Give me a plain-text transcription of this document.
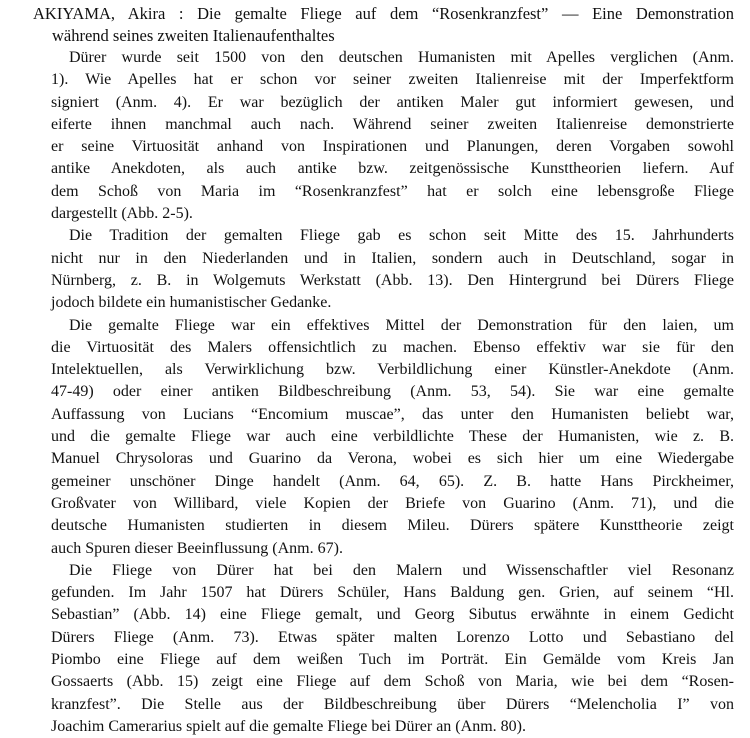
AKIYAMA, Akira : Die gemalte Fliege auf dem “Rosenkranzfest” — Eine Demonstration
während seines zweiten Italienaufenthaltes
Dürer wurde seit 1500 von den deutschen Humanisten mit Apelles verglichen (Anm.
1). Wie Apelles hat er schon vor seiner zweiten Italienreise mit der Imperfektform
signiert (Anm. 4). Er war bezüglich der antiken Maler gut informiert gewesen, und
eiferte ihnen manchmal auch nach. Während seiner zweiten Italienreise demonstrierte
er seine Virtuosität anhand von Inspirationen und Planungen, deren Vorgaben sowohl
antike Anekdoten, als auch antike bzw. zeitgenössische Kunsttheorien liefern. Auf
dem Schoß von Maria im “Rosenkranzfest” hat er solch eine lebensgroße Fliege
dargestellt (Abb. 2-5).
Die Tradition der gemalten Fliege gab es schon seit Mitte des 15. Jahrhunderts
nicht nur in den Niederlanden und in Italien, sondern auch in Deutschland, sogar in
Nürnberg, z. B. in Wolgemuts Werkstatt (Abb. 13). Den Hintergrund bei Dürers Fliege
jodoch bildete ein humanistischer Gedanke.
Die gemalte Fliege war ein effektives Mittel der Demonstration für den laien, um
die Virtuosität des Malers offensichtlich zu machen. Ebenso effektiv war sie für den
Intelektuellen, als Verwirklichung bzw. Verbildlichung einer Künstler-Anekdote (Anm.
47-49) oder einer antiken Bildbeschreibung (Anm. 53, 54). Sie war eine gemalte
Auffassung von Lucians “Encomium muscae”, das unter den Humanisten beliebt war,
und die gemalte Fliege war auch eine verbildlichte These der Humanisten, wie z. B.
Manuel Chrysoloras und Guarino da Verona, wobei es sich hier um eine Wiedergabe
gemeiner unschöner Dinge handelt (Anm. 64, 65). Z. B. hatte Hans Pirckheimer,
Großvater von Willibard, viele Kopien der Briefe von Guarino (Anm. 71), und die
deutsche Humanisten studierten in diesem Mileu. Dürers spätere Kunsttheorie zeigt
auch Spuren dieser Beeinflussung (Anm. 67).
Die Fliege von Dürer hat bei den Malern und Wissenschaftler viel Resonanz
gefunden. Im Jahr 1507 hat Dürers Schüler, Hans Baldung gen. Grien, auf seinem “Hl.
Sebastian” (Abb. 14) eine Fliege gemalt, und Georg Sibutus erwähnte in einem Gedicht
Dürers Fliege (Anm. 73). Etwas später malten Lorenzo Lotto und Sebastiano del
Piombo eine Fliege auf dem weißen Tuch im Porträt. Ein Gemälde vom Kreis Jan
Gossaerts (Abb. 15) zeigt eine Fliege auf dem Schoß von Maria, wie bei dem “Rosen-
kranzfest”. Die Stelle aus der Bildbeschreibung über Dürers “Melencholia I” von
Joachim Camerarius spielt auf die gemalte Fliege bei Dürer an (Anm. 80).
